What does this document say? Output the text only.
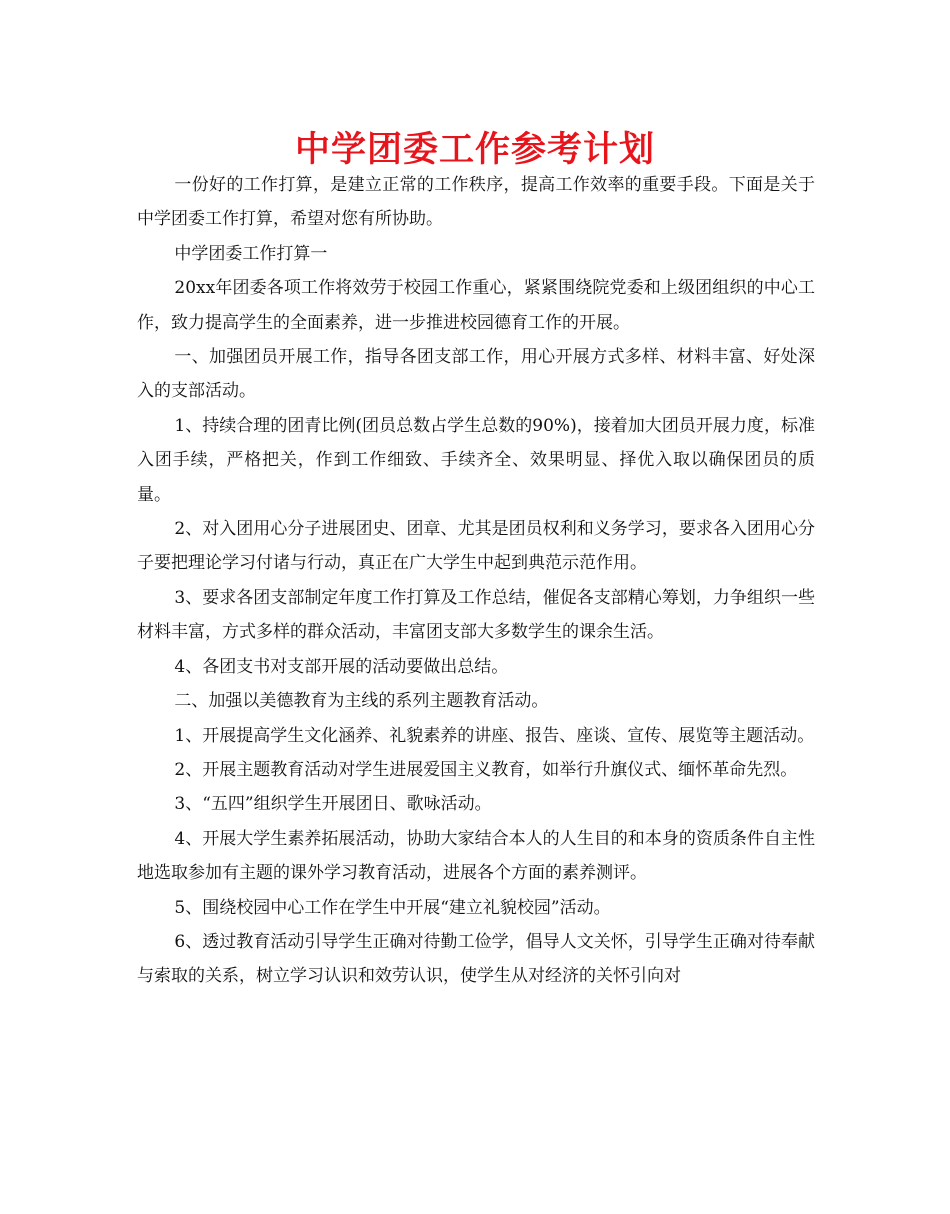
中学团委工作参考计划

一份好的工作打算，是建立正常的工作秩序，提高工作效率的重要手段。下面是关于中学团委工作打算，希望对您有所协助。

中学团委工作打算一

20xx年团委各项工作将效劳于校园工作重心，紧紧围绕院党委和上级团组织的中心工作，致力提高学生的全面素养，进一步推进校园德育工作的开展。

一、加强团员开展工作，指导各团支部工作，用心开展方式多样、材料丰富、好处深入的支部活动。

1、持续合理的团青比例(团员总数占学生总数的90%)，接着加大团员开展力度，标准入团手续，严格把关，作到工作细致、手续齐全、效果明显、择优入取以确保团员的质量。

2、对入团用心分子进展团史、团章、尤其是团员权利和义务学习，要求各入团用心分子要把理论学习付诸与行动，真正在广大学生中起到典范示范作用。

3、要求各团支部制定年度工作打算及工作总结，催促各支部精心筹划，力争组织一些材料丰富，方式多样的群众活动，丰富团支部大多数学生的课余生活。

4、各团支书对支部开展的活动要做出总结。

二、加强以美德教育为主线的系列主题教育活动。

1、开展提高学生文化涵养、礼貌素养的讲座、报告、座谈、宣传、展览等主题活动。

2、开展主题教育活动对学生进展爱国主义教育，如举行升旗仪式、缅怀革命先烈。

3、“五四”组织学生开展团日、歌咏活动。

4、开展大学生素养拓展活动，协助大家结合本人的人生目的和本身的资质条件自主性地选取参加有主题的课外学习教育活动，进展各个方面的素养测评。

5、围绕校园中心工作在学生中开展“建立礼貌校园”活动。

6、透过教育活动引导学生正确对待勤工俭学，倡导人文关怀，引导学生正确对待奉献与索取的关系，树立学习认识和效劳认识，使学生从对经济的关怀引向对
